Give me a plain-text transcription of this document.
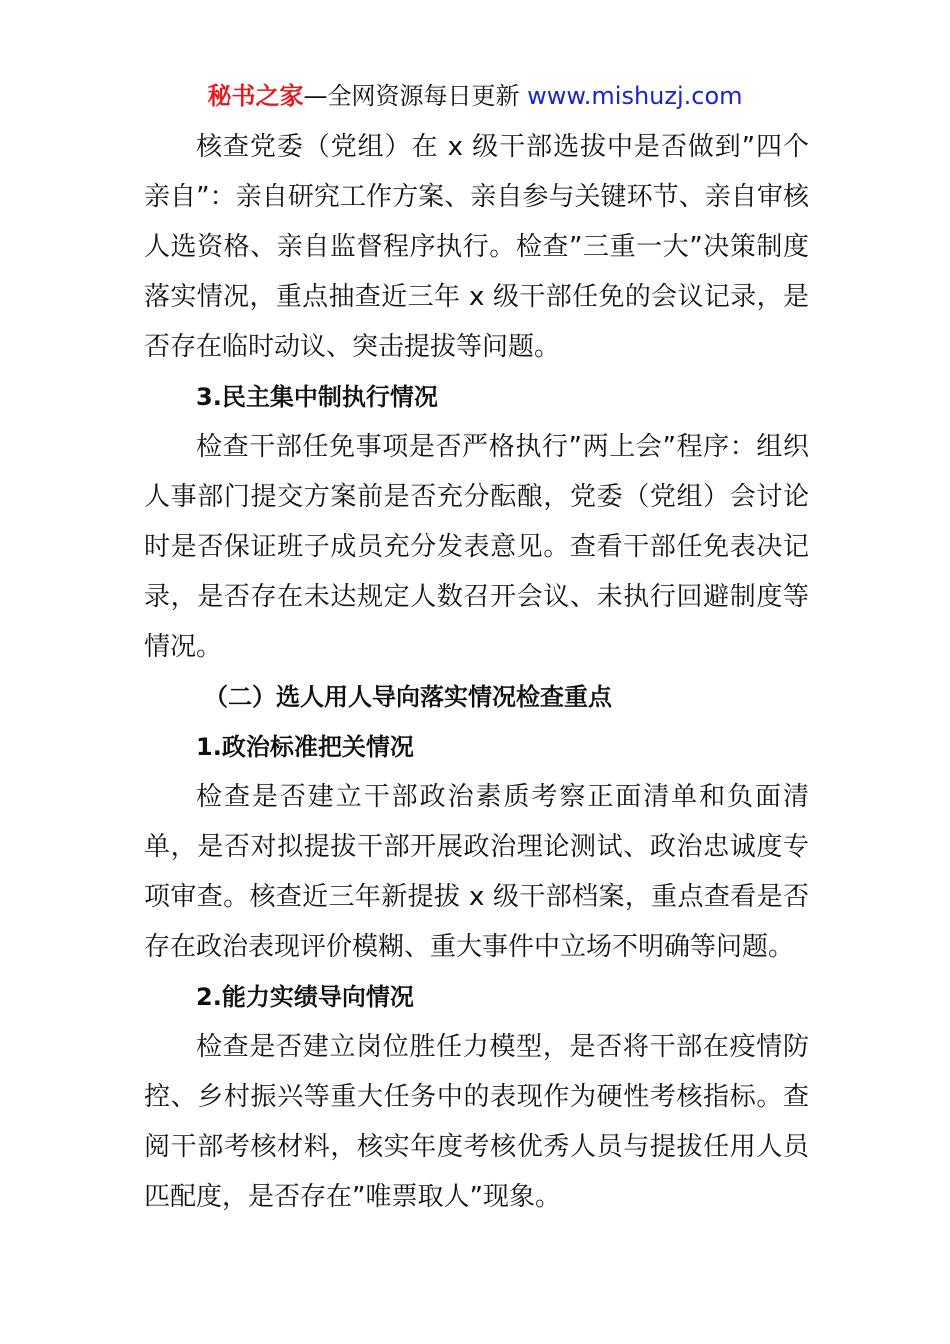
秘书之家—全网资源每日更新 www.mishuzj.com

核查党委（党组）在 x 级干部选拔中是否做到”四个亲自”：亲自研究工作方案、亲自参与关键环节、亲自审核人选资格、亲自监督程序执行。检查”三重一大”决策制度落实情况，重点抽查近三年 x 级干部任免的会议记录，是否存在临时动议、突击提拔等问题。

3.民主集中制执行情况

检查干部任免事项是否严格执行”两上会”程序：组织人事部门提交方案前是否充分酝酿，党委（党组）会讨论时是否保证班子成员充分发表意见。查看干部任免表决记录，是否存在未达规定人数召开会议、未执行回避制度等情况。

（二）选人用人导向落实情况检查重点

1.政治标准把关情况

检查是否建立干部政治素质考察正面清单和负面清单，是否对拟提拔干部开展政治理论测试、政治忠诚度专项审查。核查近三年新提拔 x 级干部档案，重点查看是否存在政治表现评价模糊、重大事件中立场不明确等问题。

2.能力实绩导向情况

检查是否建立岗位胜任力模型，是否将干部在疫情防控、乡村振兴等重大任务中的表现作为硬性考核指标。查阅干部考核材料，核实年度考核优秀人员与提拔任用人员匹配度，是否存在”唯票取人”现象。
